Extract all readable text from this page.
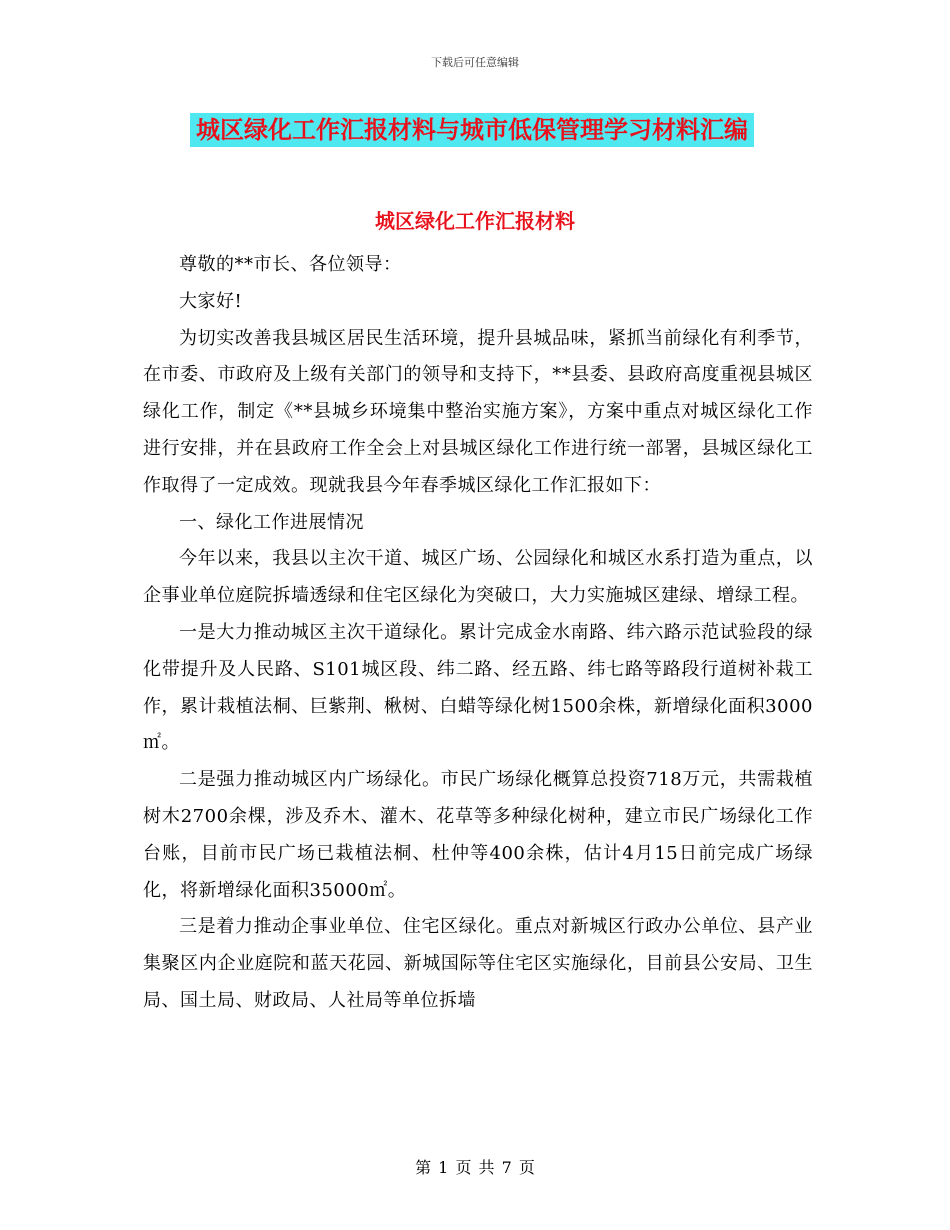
下载后可任意编辑
城区绿化工作汇报材料与城市低保管理学习材料汇编
城区绿化工作汇报材料

尊敬的**市长、各位领导：

大家好!

为切实改善我县城区居民生活环境，提升县城品味，紧抓当前绿化有利季节，在市委、市政府及上级有关部门的领导和支持下，**县委、县政府高度重视县城区绿化工作，制定《**县城乡环境集中整治实施方案》，方案中重点对城区绿化工作进行安排，并在县政府工作全会上对县城区绿化工作进行统一部署，县城区绿化工作取得了一定成效。现就我县今年春季城区绿化工作汇报如下：

一、绿化工作进展情况

今年以来，我县以主次干道、城区广场、公园绿化和城区水系打造为重点，以企事业单位庭院拆墙透绿和住宅区绿化为突破口，大力实施城区建绿、增绿工程。

一是大力推动城区主次干道绿化。累计完成金水南路、纬六路示范试验段的绿化带提升及人民路、S101城区段、纬二路、经五路、纬七路等路段行道树补栽工作，累计栽植法桐、巨紫荆、楸树、白蜡等绿化树1500余株，新增绿化面积3000㎡。

二是强力推动城区内广场绿化。市民广场绿化概算总投资718万元，共需栽植树木2700余棵，涉及乔木、灌木、花草等多种绿化树种，建立市民广场绿化工作台账，目前市民广场已栽植法桐、杜仲等400余株，估计4月15日前完成广场绿化，将新增绿化面积35000㎡。

三是着力推动企事业单位、住宅区绿化。重点对新城区行政办公单位、县产业集聚区内企业庭院和蓝天花园、新城国际等住宅区实施绿化，目前县公安局、卫生局、国土局、财政局、人社局等单位拆墙

第 1 页 共 7 页
